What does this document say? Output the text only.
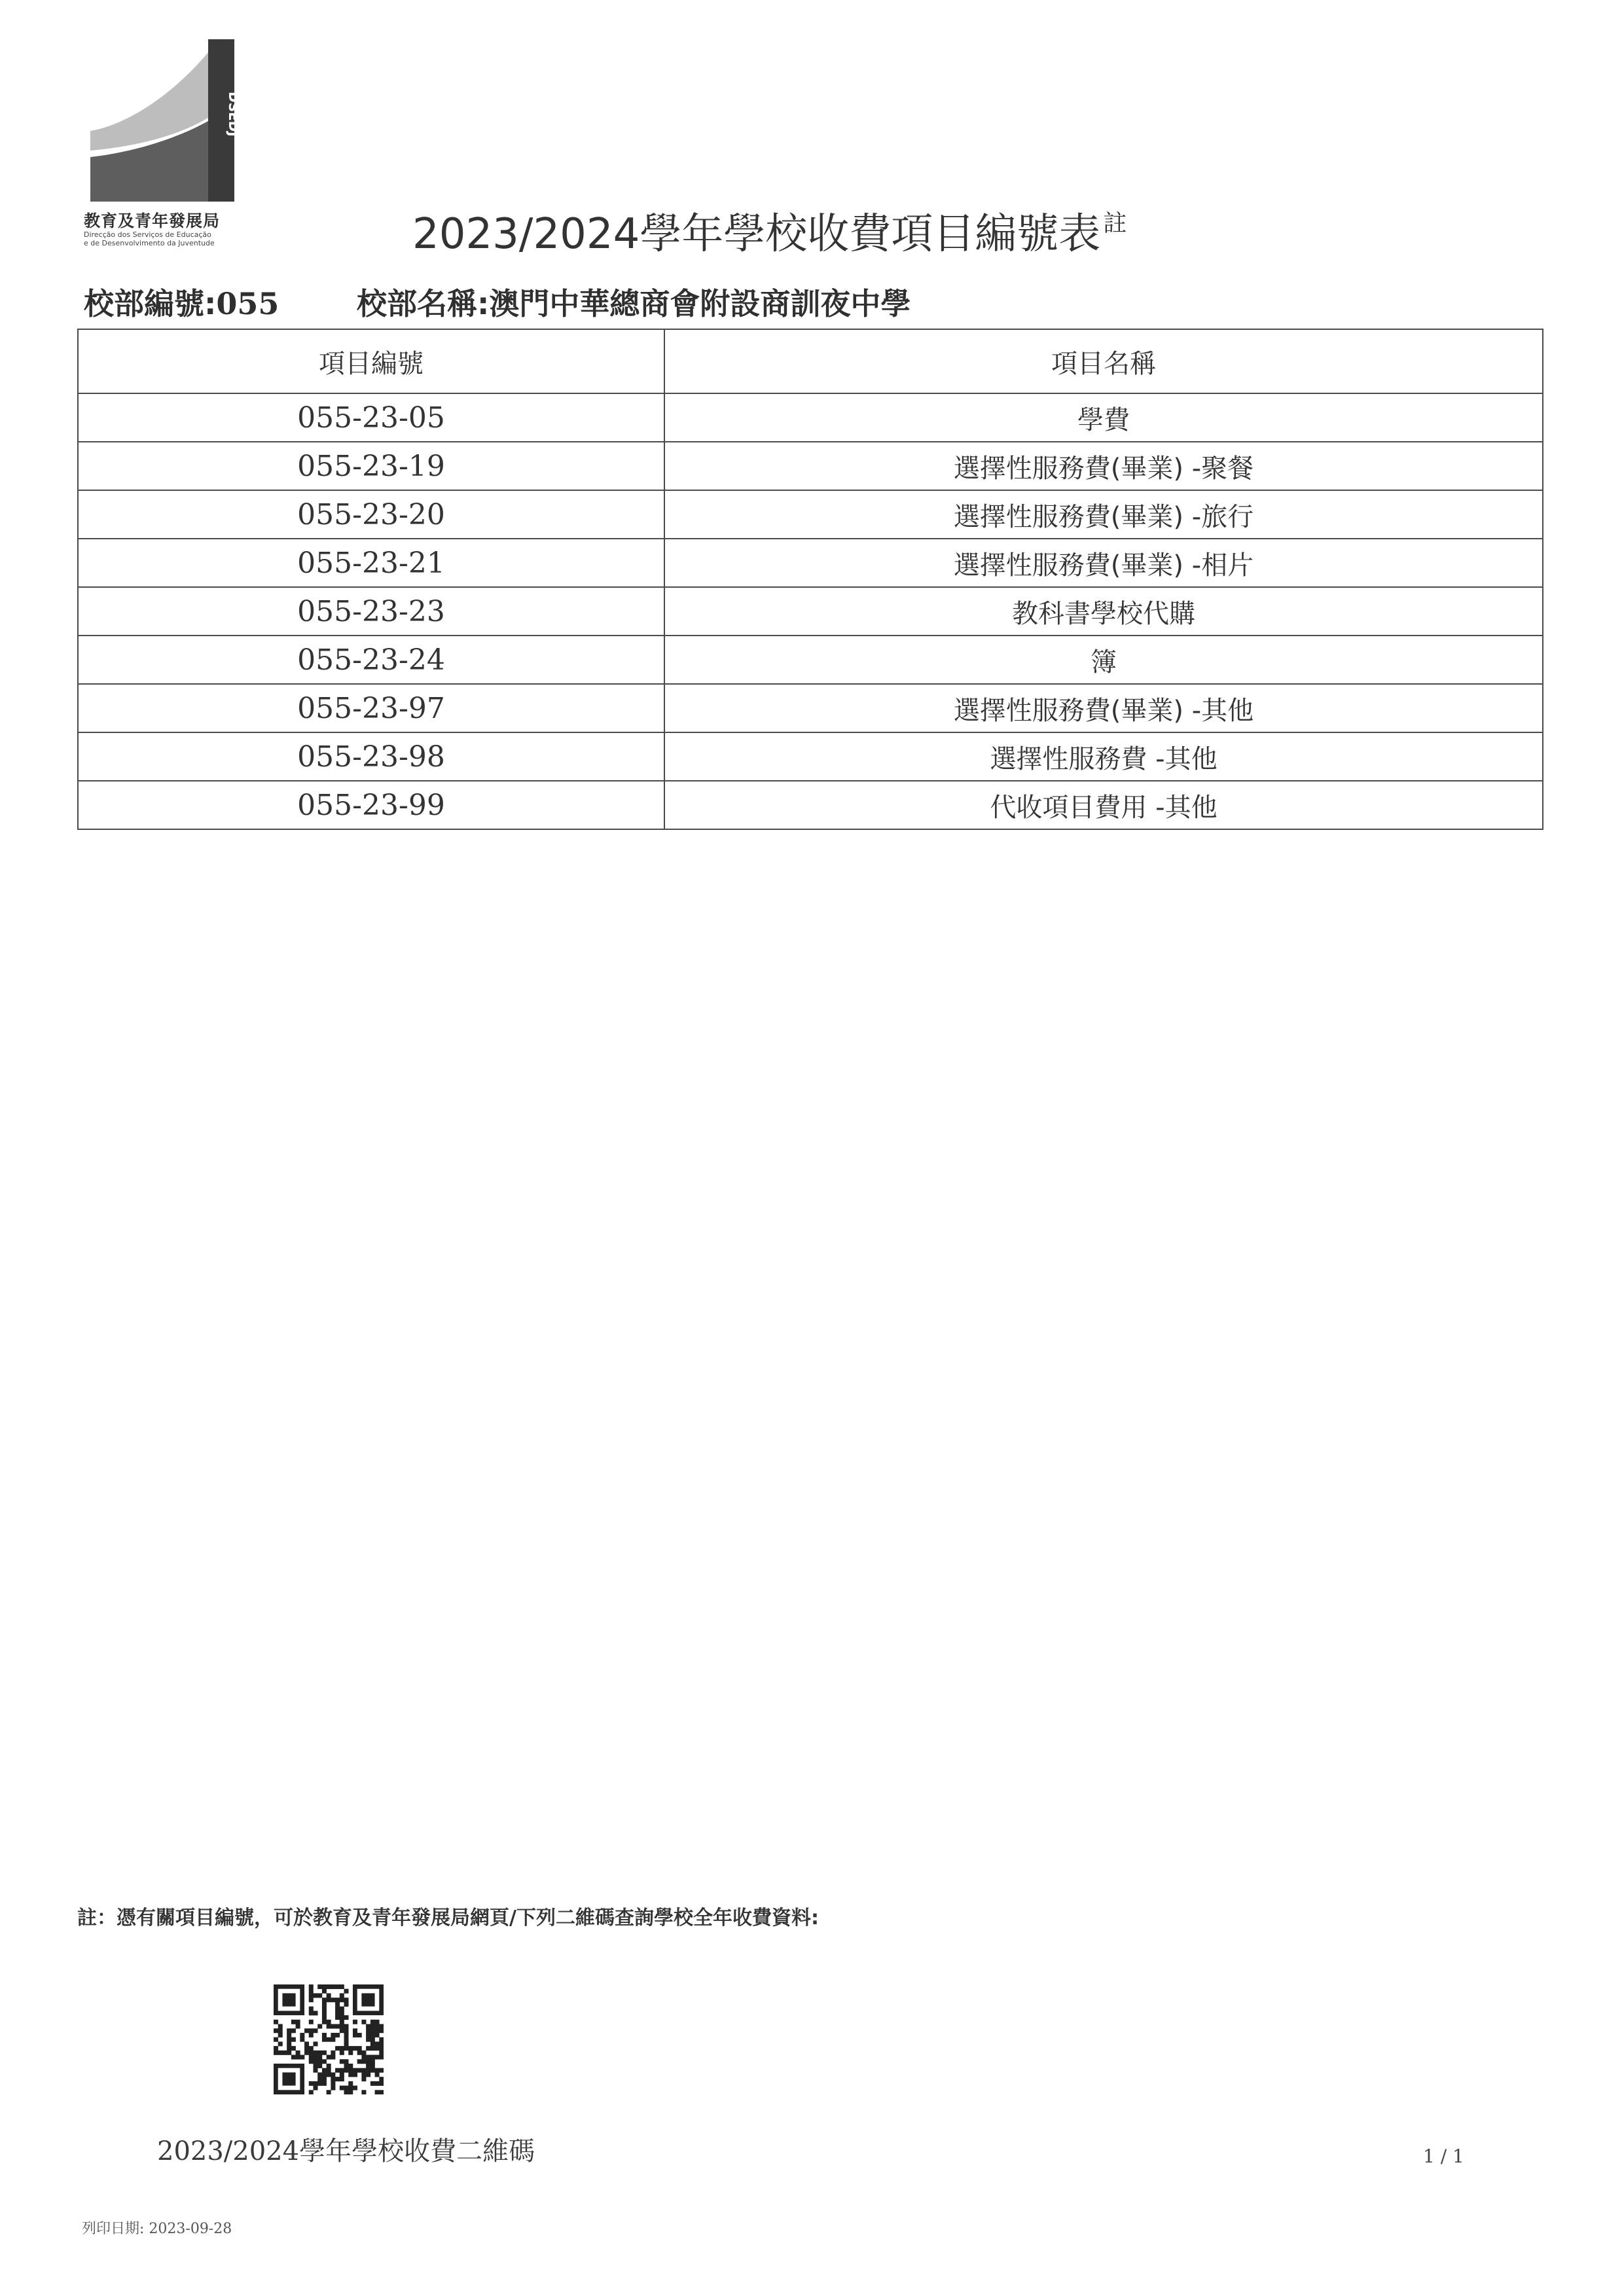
DSEDJ
教育及青年發展局
Direcção dos Serviços de Educação
e de Desenvolvimento da Juventude	2023/2024學年學校收費項目編號表 $^註$
校部編號:055	校部名稱:澳門中華總商會附設商訓夜中學
項目編號	項目名稱
055-23-05	學費
055-23-19	選擇性服務費(畢業) -聚餐
055-23-20	選擇性服務費(畢業) -旅行
055-23-21	選擇性服務費(畢業) -相片
055-23-23	教科書學校代購
055-23-24	簿
055-23-97	選擇性服務費(畢業) -其他
055-23-98	選擇性服務費 -其他
055-23-99	代收項目費用 -其他
註：憑有關項目編號，可於教育及青年發展局網頁/下列二維碼查詢學校全年收費資料:
2023/2024學年學校收費二維碼	1 / 1
列印日期: 2023-09-28
